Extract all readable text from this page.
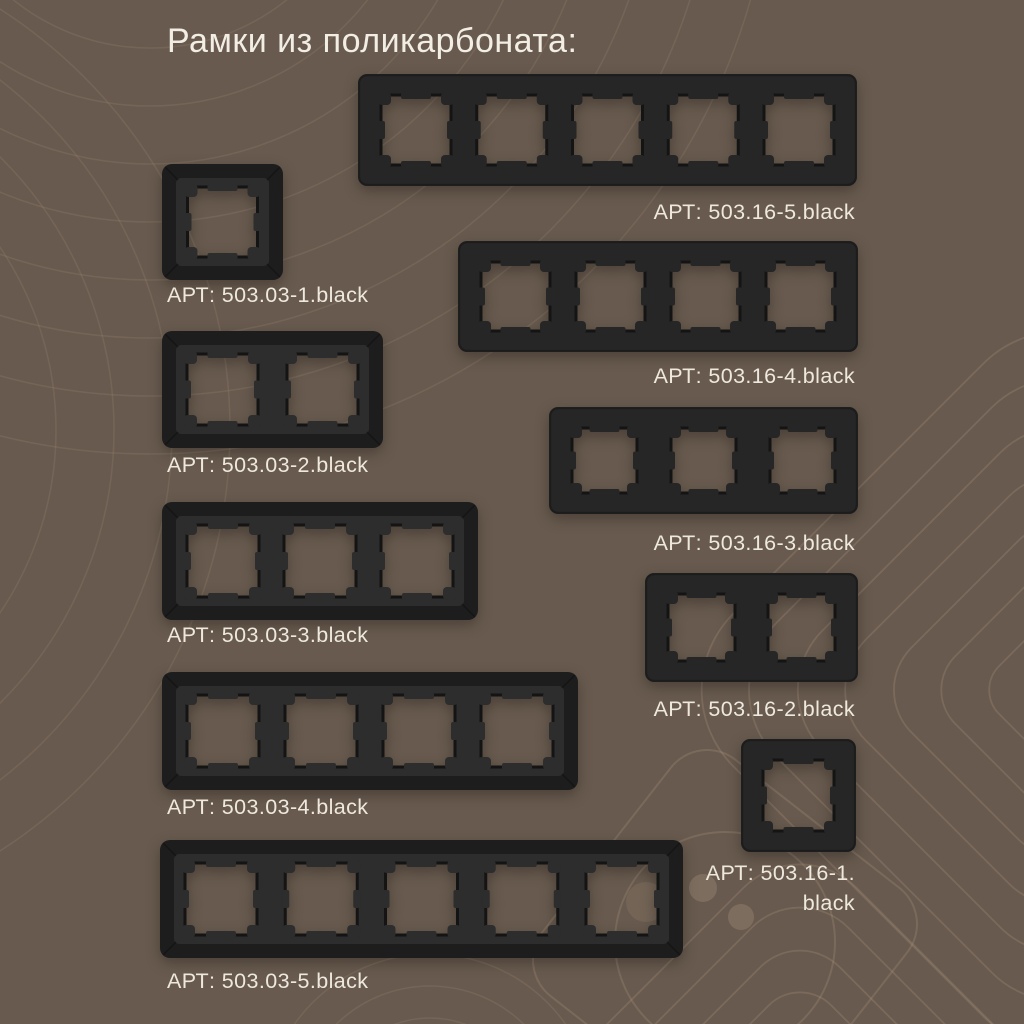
Рамки из поликарбоната:
АРТ: 503.03-1.black
АРТ: 503.03-2.black
АРТ: 503.03-3.black
АРТ: 503.03-4.black
АРТ: 503.03-5.black
АРТ: 503.16-5.black
АРТ: 503.16-4.black
АРТ: 503.16-3.black
АРТ: 503.16-2.black
АРТ: 503.16-1.
black
